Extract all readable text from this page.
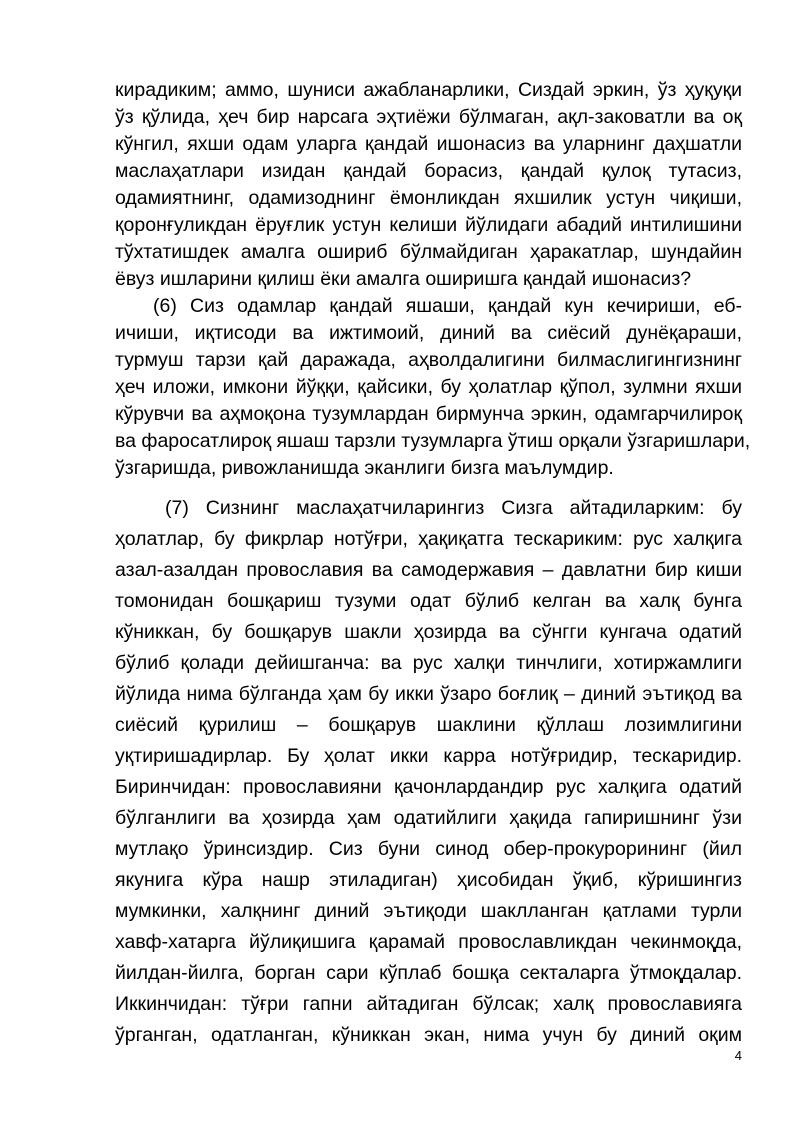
кирадиким; аммо, шуниси ажабланарлики, Сиздай эркин, ўз ҳуқуқи
ўз қўлида, ҳеч бир нарсага эҳтиёжи бўлмаган, ақл-заковатли ва оқ
кўнгил, яхши одам уларга қандай ишонасиз ва уларнинг даҳшатли
маслаҳатлари изидан қандай борасиз, қандай қулоқ тутасиз,
одамиятнинг, одамизоднинг ёмонликдан яхшилик устун чиқиши,
қоронғуликдан ёруғлик устун келиши йўлидаги абадий интилишини
тўхтатишдек амалга ошириб бўлмайдиган ҳаракатлар, шундайин
ёвуз ишларини қилиш ёки амалга оширишга қандай ишонасиз?
(6) Сиз одамлар қандай яшаши, қандай кун кечириши, еб-
ичиши, иқтисоди ва ижтимоий, диний ва сиёсий дунёқараши,
турмуш тарзи қай даражада, аҳволдалигини билмаслигингизнинг
ҳеч иложи, имкони йўққи, қайсики, бу ҳолатлар қўпол, зулмни яхши
кўрувчи ва аҳмоқона тузумлардан бирмунча эркин, одамгарчилироқ
ва фаросатлироқ яшаш тарзли тузумларга ўтиш орқали ўзгаришлари,
ўзгаришда, ривожланишда эканлиги бизга маълумдир.
(7) Сизнинг маслаҳатчиларингиз Сизга айтадиларким: бу
ҳолатлар, бу фикрлар нотўғри, ҳақиқатга тескариким: рус халқига
азал-азалдан провославия ва самодержавия – давлатни бир киши
томонидан бошқариш тузуми одат бўлиб келган ва халқ бунга
кўниккан, бу бошқарув шакли ҳозирда ва сўнгги кунгача одатий
бўлиб қолади дейишганча: ва рус халқи тинчлиги, хотиржамлиги
йўлида нима бўлганда ҳам бу икки ўзаро боғлиқ – диний эътиқод ва
сиёсий қурилиш – бошқарув шаклини қўллаш лозимлигини
уқтиришадирлар. Бу ҳолат икки карра нотўғридир, тескаридир.
Биринчидан: провославияни қачонлардандир рус халқига одатий
бўлганлиги ва ҳозирда ҳам одатийлиги ҳақида гапиришнинг ўзи
мутлақо ўринсиздир. Сиз буни синод обер-прокурорининг (йил
якунига кўра нашр этиладиган) ҳисобидан ўқиб, кўришингиз
мумкинки, халқнинг диний эътиқоди шаклланган қатлами турли
хавф-хатарга йўлиқишига қарамай провославликдан чекинмоқда,
йилдан-йилга, борган сари кўплаб бошқа секталарга ўтмоқдалар.
Иккинчидан: тўғри гапни айтадиган бўлсак; халқ провославияга
ўрганган, одатланган, кўниккан экан, нима учун бу диний оқим
4
